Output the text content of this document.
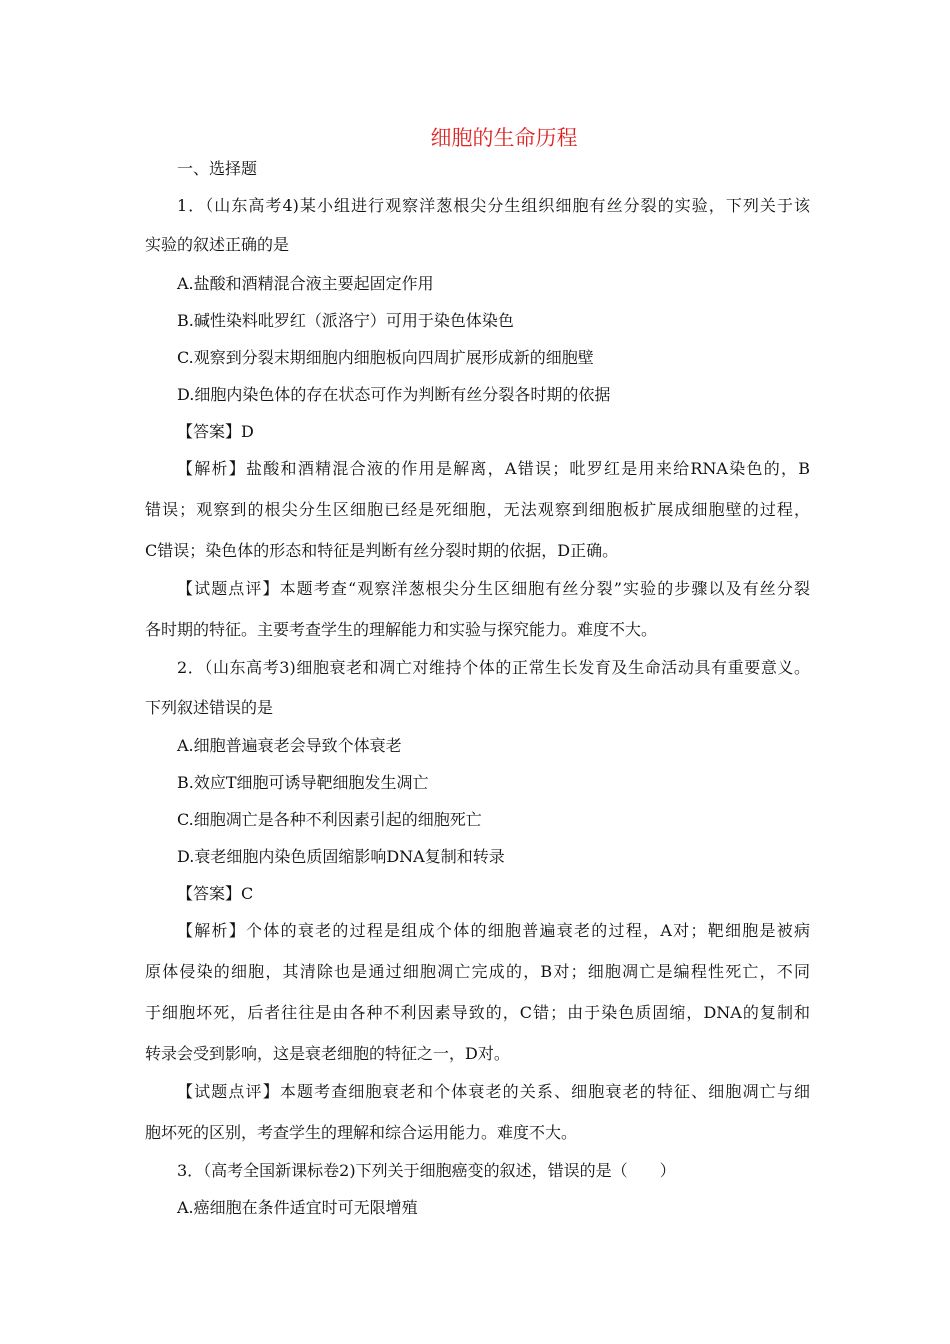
细胞的生命历程
一、选择题
1．（山东高考4)某小组进行观察洋葱根尖分生组织细胞有丝分裂的实验，下列关于该
实验的叙述正确的是
A.盐酸和酒精混合液主要起固定作用
B.碱性染料吡罗红（派洛宁）可用于染色体染色
C.观察到分裂末期细胞内细胞板向四周扩展形成新的细胞壁
D.细胞内染色体的存在状态可作为判断有丝分裂各时期的依据
【答案】D
【解析】盐酸和酒精混合液的作用是解离，A错误；吡罗红是用来给RNA染色的，B
错误；观察到的根尖分生区细胞已经是死细胞，无法观察到细胞板扩展成细胞壁的过程，
C错误；染色体的形态和特征是判断有丝分裂时期的依据，D正确。
【试题点评】本题考查“观察洋葱根尖分生区细胞有丝分裂”实验的步骤以及有丝分裂
各时期的特征。主要考查学生的理解能力和实验与探究能力。难度不大。
2．（山东高考3)细胞衰老和凋亡对维持个体的正常生长发育及生命活动具有重要意义。
下列叙述错误的是
A.细胞普遍衰老会导致个体衰老
B.效应T细胞可诱导靶细胞发生凋亡
C.细胞凋亡是各种不利因素引起的细胞死亡
D.衰老细胞内染色质固缩影响DNA复制和转录
【答案】C
【解析】个体的衰老的过程是组成个体的细胞普遍衰老的过程，A对；靶细胞是被病
原体侵染的细胞，其清除也是通过细胞凋亡完成的，B对；细胞凋亡是编程性死亡，不同
于细胞坏死，后者往往是由各种不利因素导致的，C错；由于染色质固缩，DNA的复制和
转录会受到影响，这是衰老细胞的特征之一，D对。
【试题点评】本题考查细胞衰老和个体衰老的关系、细胞衰老的特征、细胞凋亡与细
胞坏死的区别，考查学生的理解和综合运用能力。难度不大。
3．（高考全国新课标卷2)下列关于细胞癌变的叙述，错误的是（　　）
A.癌细胞在条件适宜时可无限增殖
